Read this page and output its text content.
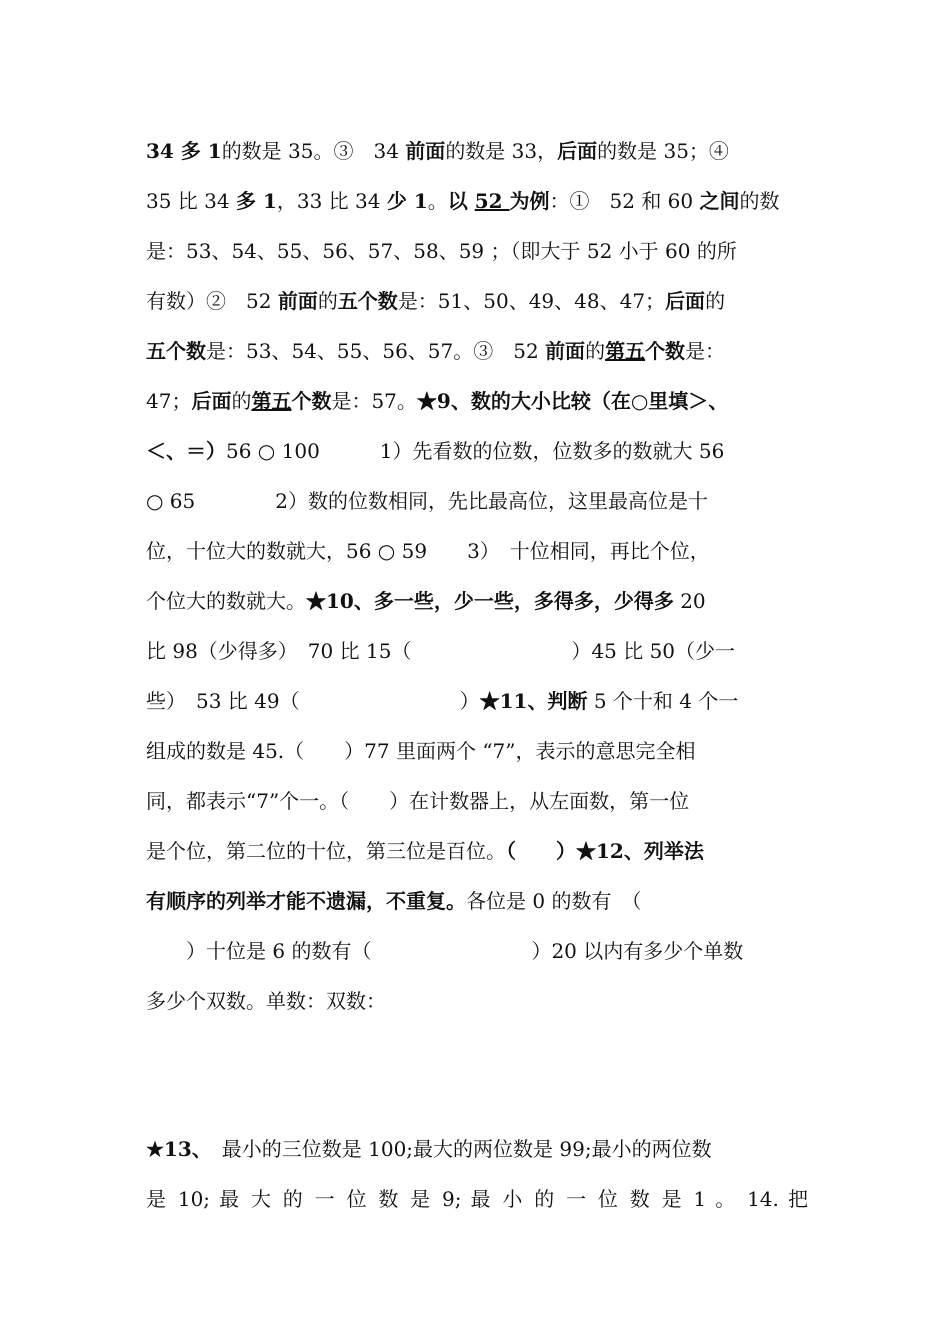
34 多 1的数是 35。③　34 前面的数是 33，后面的数是 35；④
35 比 34 多 1，33 比 34 少 1。以 52 为例：①　52 和 60 之间的数
是：53、54、55、56、57、58、59 ；（即大于 52 小于 60 的所
有数）②　52 前面的五个数是：51、50、49、48、47；后面的
五个数是：53、54、55、56、57。③　52 前面的第五个数是：
47；后面的第五个数是：57。★9、数的大小比较（在○里填＞、
＜、＝）56 ○ 100　　　1）先看数的位数，位数多的数就大 56
○ 65　　　　2）数的位数相同，先比最高位，这里最高位是十
位，十位大的数就大，56 ○ 59　　3）　十位相同，再比个位，
个位大的数就大。★10、多一些，少一些，多得多，少得多 20
比 98（少得多）　70 比 15（　　　　　　　　）45 比 50（少一
些）　53 比 49（　　　　　　　　）★11、判断 5 个十和 4 个一
组成的数是 45.（　　）77 里面两个 “7”，表示的意思完全相
同，都表示“7”个一。（　　）在计数器上，从左面数，第一位
是个位，第二位的十位，第三位是百位。（　　）★12、列举法
有顺序的列举才能不遗漏，不重复。各位是 0 的数有　（
　　）十位是 6 的数有（　　　　　　　　）20 以内有多少个单数
多少个双数。单数：双数：
★13、　最小的三位数是 100;最大的两位数是 99;最小的两位数
是 10; 最 大 的 一 位 数 是 9; 最 小 的 一 位 数 是 1 。 14. 把
